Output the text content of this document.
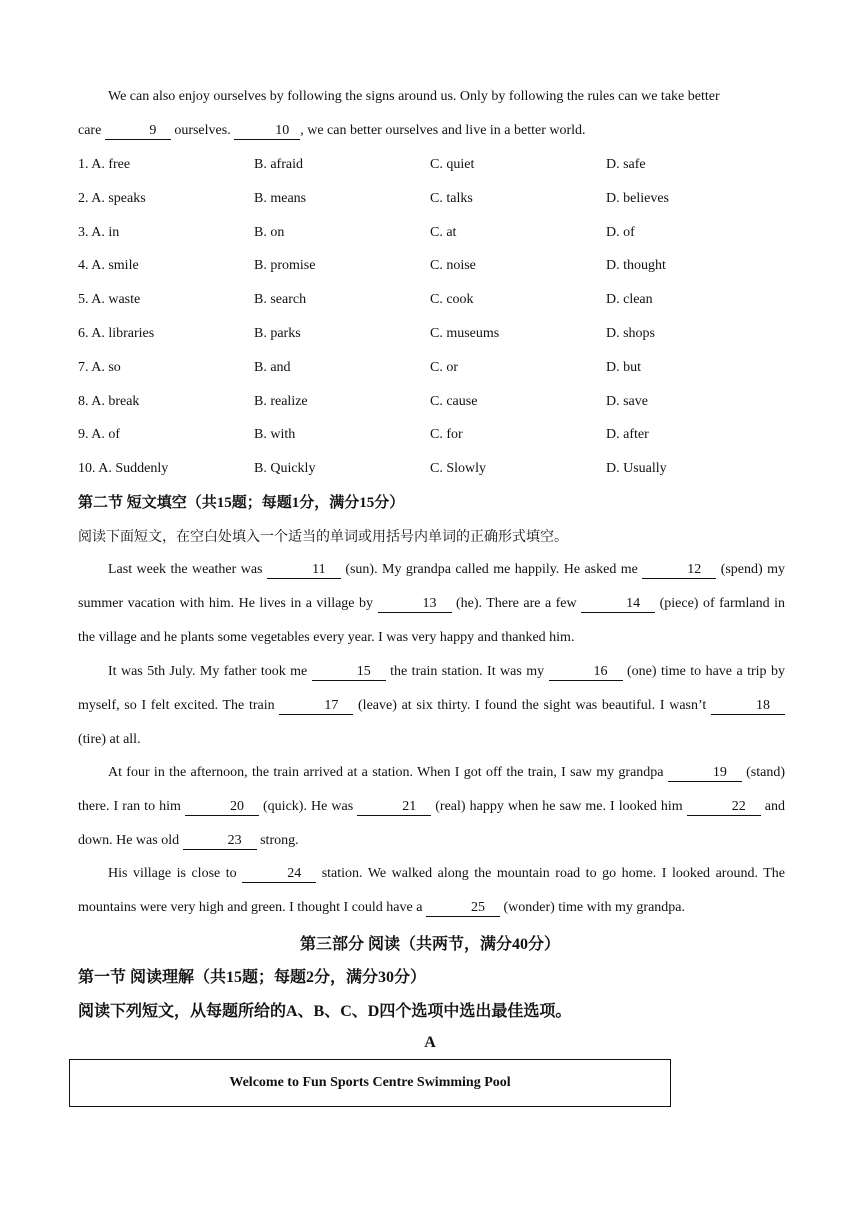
We can also enjoy ourselves by following the signs around us. Only by following the rules can we take better
care	9 ourselves.	10 , we can better ourselves and live in a better world.
1. A. free	B. afraid	C. quiet	D. safe
2. A. speaks	B. means	C. talks	D. believes
3. A. in	B. on	C. at	D. of
4. A. smile	B. promise	C. noise	D. thought
5. A. waste	B. search	C. cook	D. clean
6. A. libraries	B. parks	C. museums	D. shops
7. A. so	B. and	C. or	D. but
8. A. break	B. realize	C. cause	D. save
9. A. of	B. with	C. for	D. after
10. A. Suddenly	B. Quickly	C. Slowly	D. Usually
第二节 短文填空（共15题；每题1分，满分15分）
阅读下面短文，在空白处填入一个适当的单词或用括号内单词的正确形式填空。
Last week the weather was	11 (sun). My grandpa called me happily. He asked me	12 (spend) my summer vacation with him. He lives in a village by	13 (he). There are a few	14 (piece) of farmland in the village and he plants some vegetables every year. I was very happy and thanked him.
It was 5th July. My father took me	15 the train station. It was my	16 (one) time to have a trip by myself, so I felt excited. The train	17 (leave) at six thirty. I found the sight was beautiful. I wasn’t	18 (tire) at all.
At four in the afternoon, the train arrived at a station. When I got off the train, I saw my grandpa	19 (stand) there. I ran to him	20 (quick). He was	21 (real) happy when he saw me. I looked him	22 and down. He was old	23 strong.
His village is close to	24 station. We walked along the mountain road to go home. I looked around. The mountains were very high and green. I thought I could have a	25 (wonder) time with my grandpa.
第三部分 阅读（共两节，满分40分）
第一节 阅读理解（共15题；每题2分，满分30分）
阅读下列短文，从每题所给的A、B、C、D四个选项中选出最佳选项。
A
Welcome to Fun Sports Centre Swimming Pool
